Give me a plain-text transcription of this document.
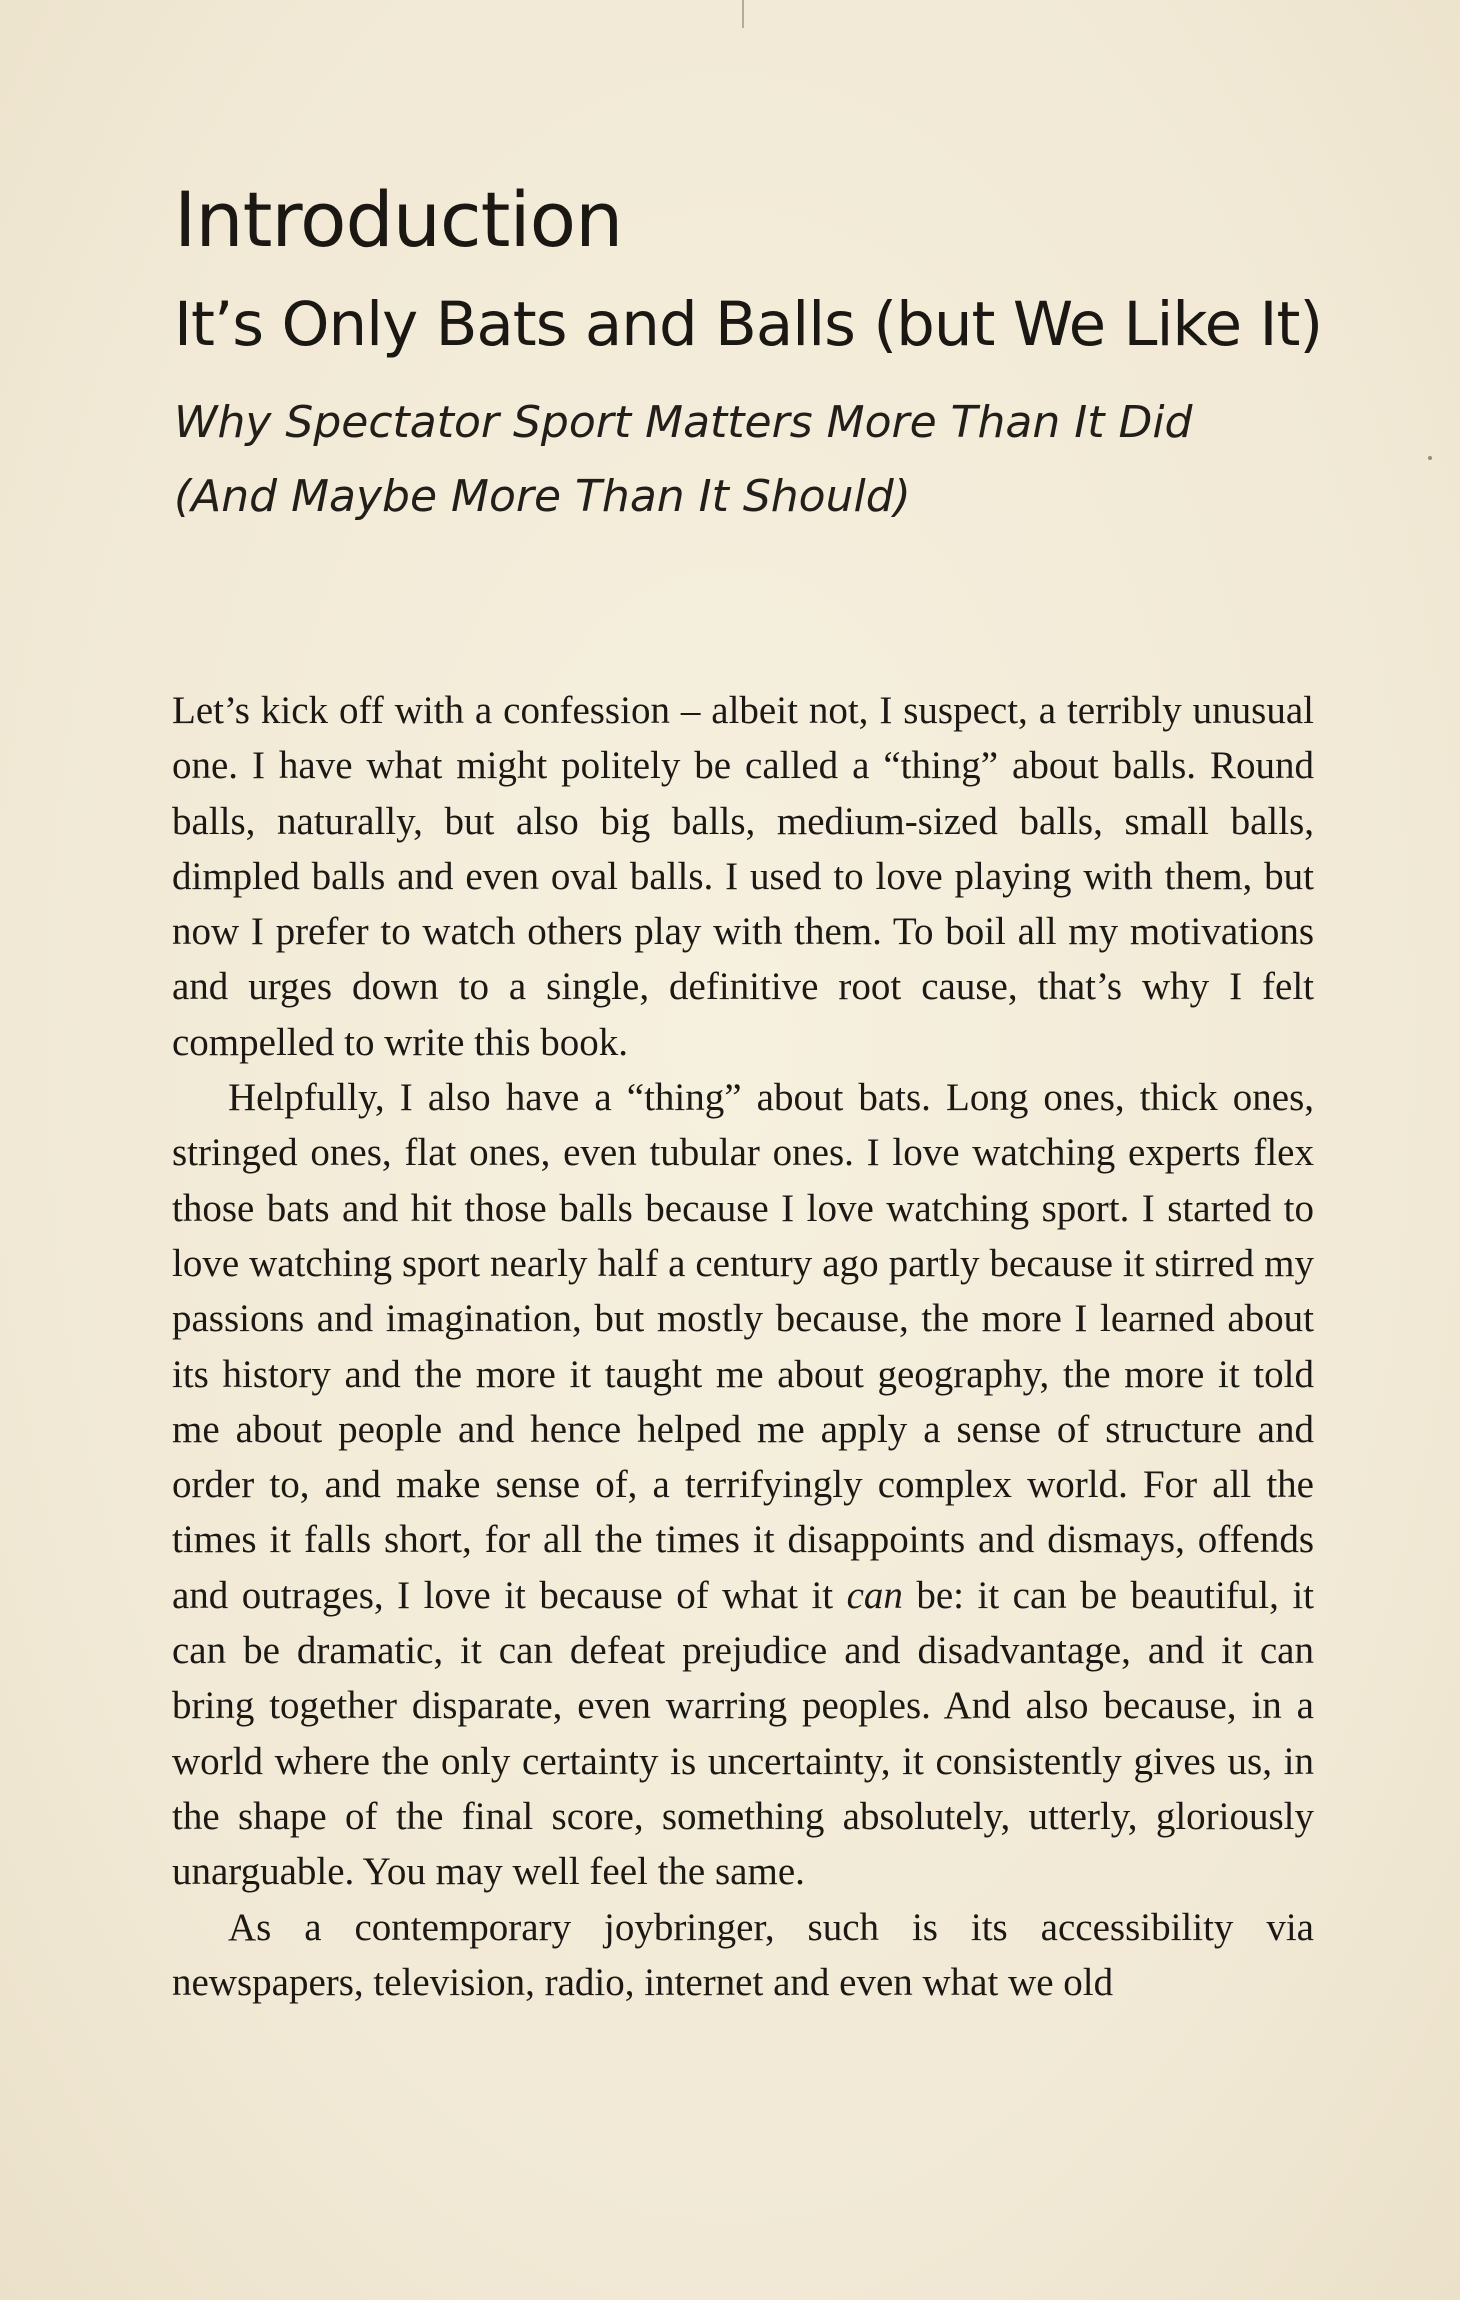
Introduction
It’s Only Bats and Balls (but We Like It)
Why Spectator Sport Matters More Than It Did
(And Maybe More Than It Should)

Let’s kick off with a confession – albeit not, I suspect, a terribly unusual one. I have what might politely be called a “thing” about balls. Round balls, naturally, but also big balls, medium-sized balls, small balls, dimpled balls and even oval balls. I used to love playing with them, but now I prefer to watch others play with them. To boil all my motivations and urges down to a single, definitive root cause, that’s why I felt compelled to write this book.

Helpfully, I also have a “thing” about bats. Long ones, thick ones, stringed ones, flat ones, even tubular ones. I love watching experts flex those bats and hit those balls because I love watching sport. I started to love watching sport nearly half a century ago partly because it stirred my passions and imagination, but mostly because, the more I learned about its history and the more it taught me about geography, the more it told me about people and hence helped me apply a sense of structure and order to, and make sense of, a terrifyingly complex world. For all the times it falls short, for all the times it disappoints and dismays, offends and outrages, I love it because of what it can be: it can be beautiful, it can be dramatic, it can defeat prejudice and disadvantage, and it can bring together disparate, even warring peoples. And also because, in a world where the only certainty is uncertainty, it consistently gives us, in the shape of the final score, something absolutely, utterly, gloriously unarguable. You may well feel the same.

As a contemporary joybringer, such is its accessibility via newspapers, television, radio, internet and even what we old
